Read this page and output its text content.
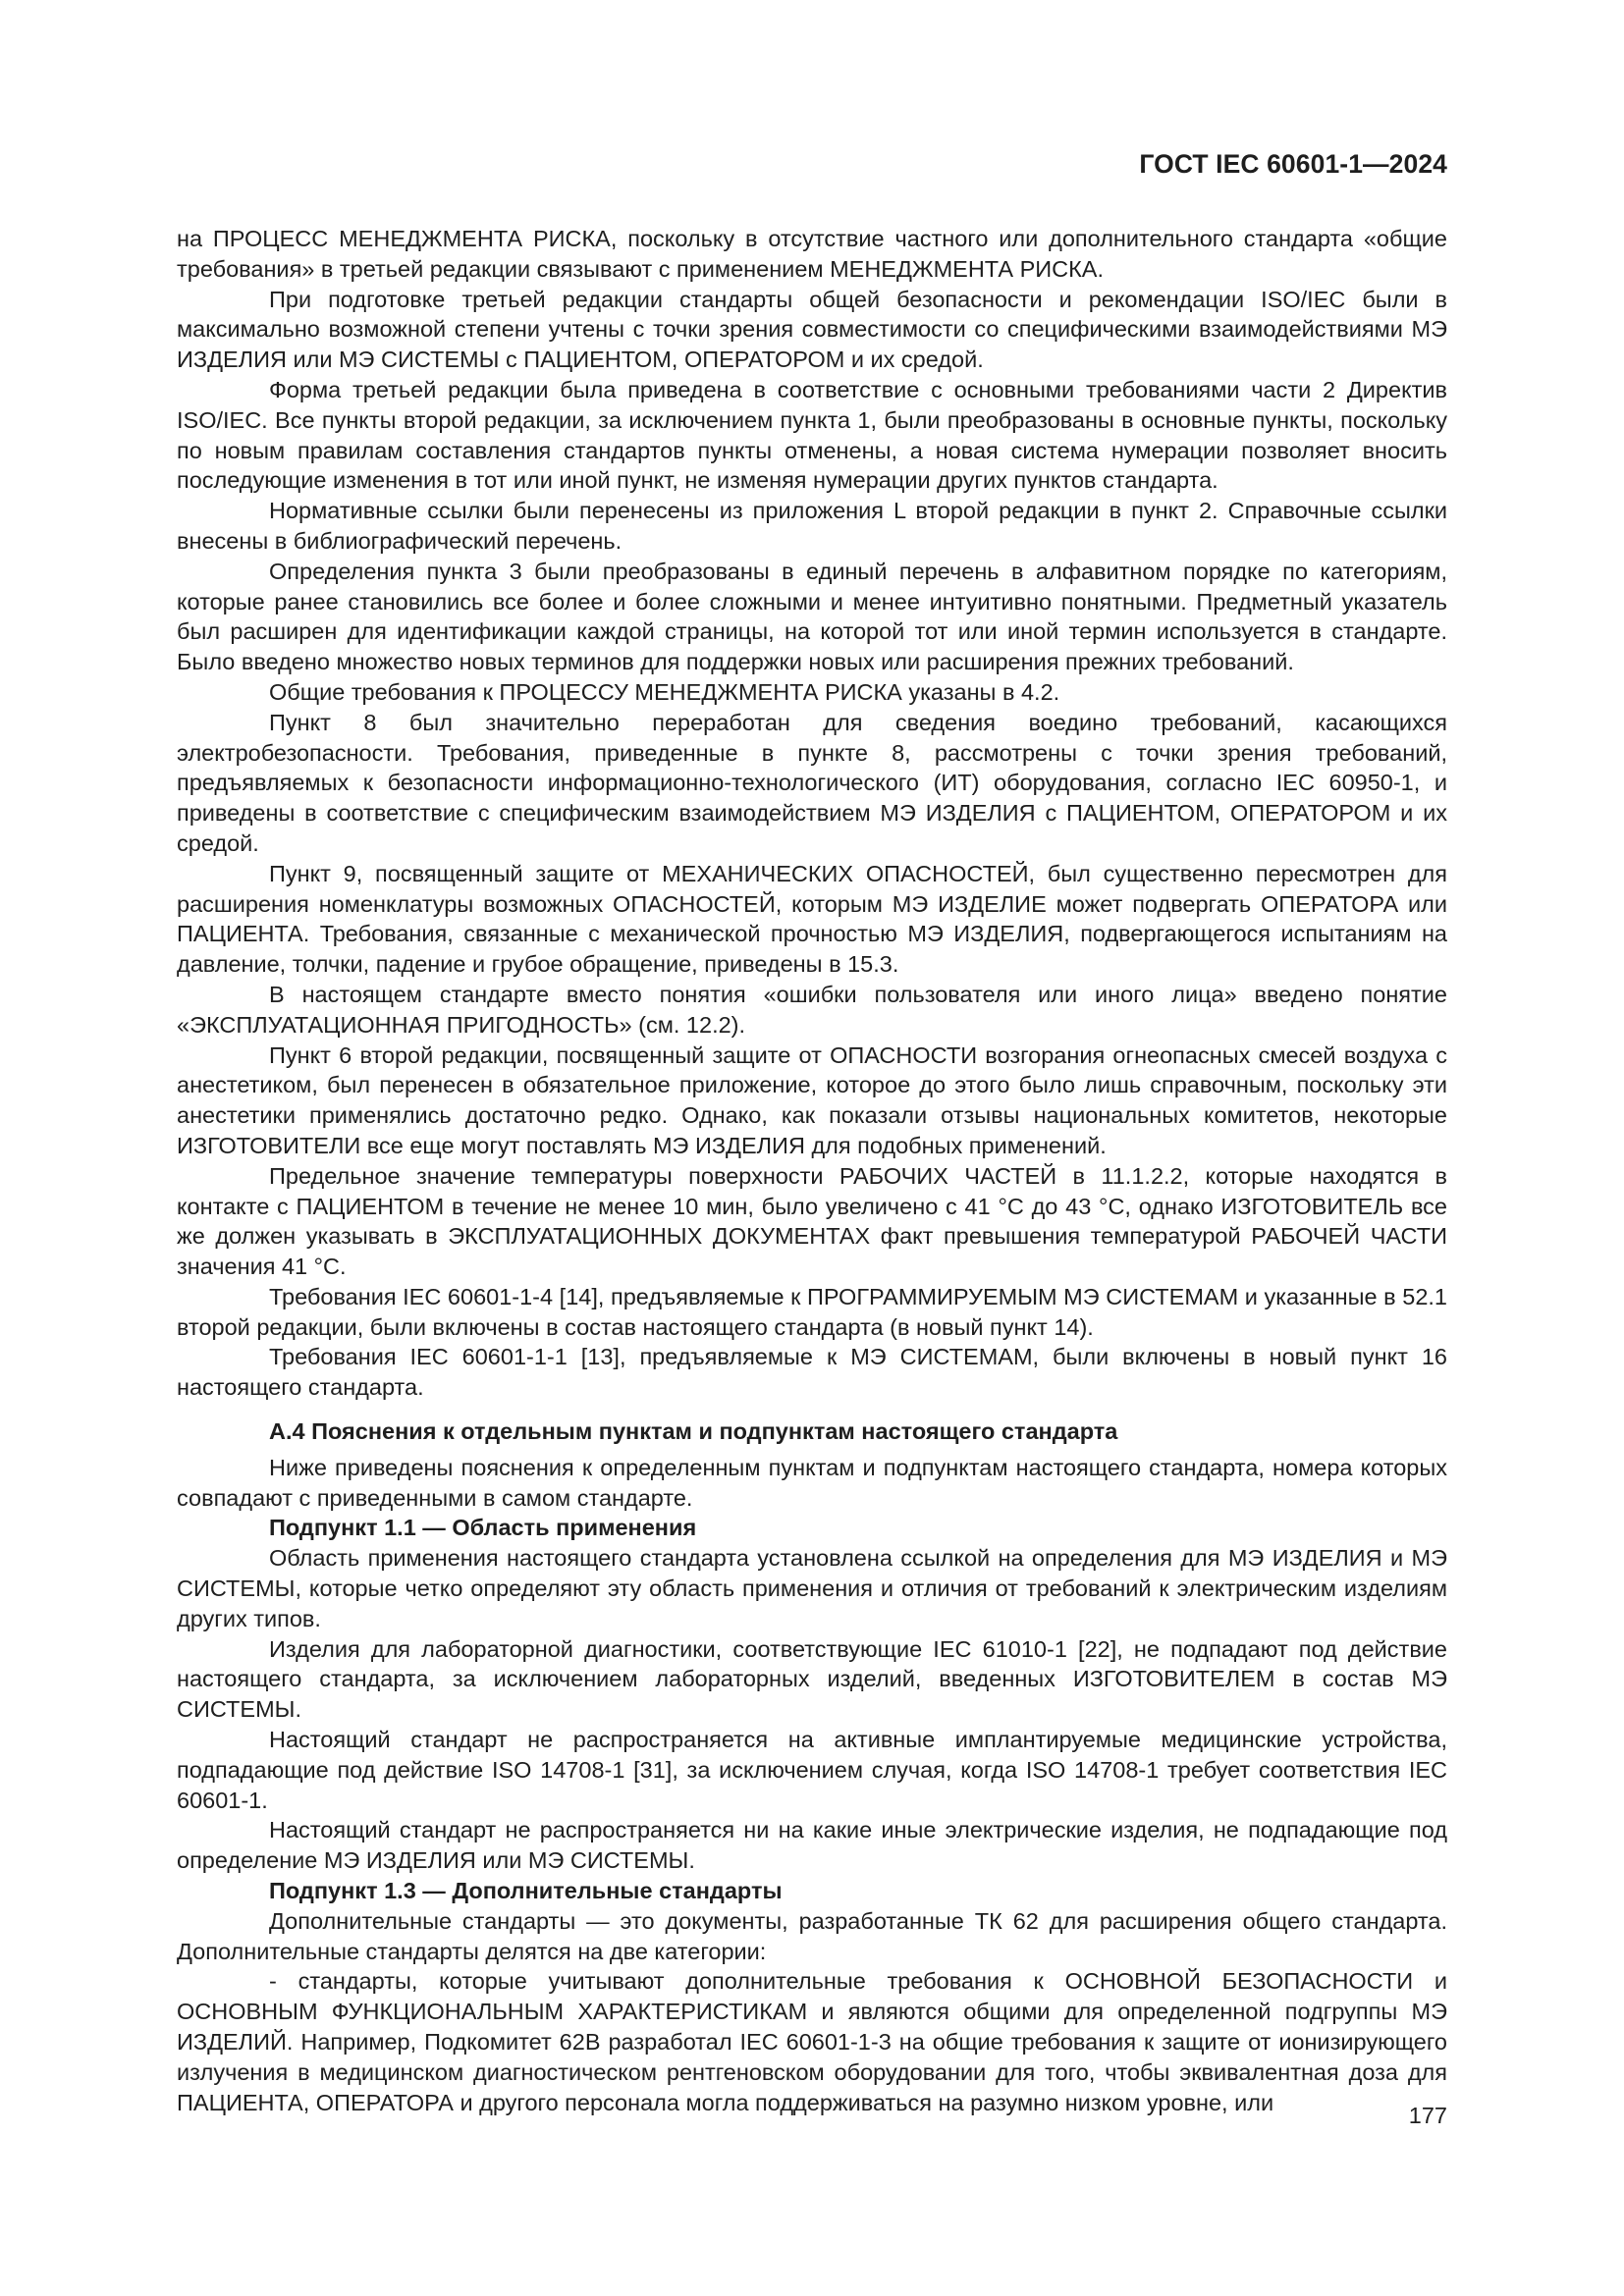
ГОСТ IEC 60601-1—2024

на ПРОЦЕСС МЕНЕДЖМЕНТА РИСКА, поскольку в отсутствие частного или дополнительного стандарта «общие требования» в третьей редакции связывают с применением МЕНЕДЖМЕНТА РИСКА.

При подготовке третьей редакции стандарты общей безопасности и рекомендации ISO/IEC были в максимально возможной степени учтены с точки зрения совместимости со специфическими взаимодействиями МЭ ИЗДЕЛИЯ или МЭ СИСТЕМЫ с ПАЦИЕНТОМ, ОПЕРАТОРОМ и их средой.

Форма третьей редакции была приведена в соответствие с основными требованиями части 2 Директив ISO/IEC. Все пункты второй редакции, за исключением пункта 1, были преобразованы в основные пункты, поскольку по новым правилам составления стандартов пункты отменены, а новая система нумерации позволяет вносить последующие изменения в тот или иной пункт, не изменяя нумерации других пунктов стандарта.

Нормативные ссылки были перенесены из приложения L второй редакции в пункт 2. Справочные ссылки внесены в библиографический перечень.

Определения пункта 3 были преобразованы в единый перечень в алфавитном порядке по категориям, которые ранее становились все более и более сложными и менее интуитивно понятными. Предметный указатель был расширен для идентификации каждой страницы, на которой тот или иной термин используется в стандарте. Было введено множество новых терминов для поддержки новых или расширения прежних требований.

Общие требования к ПРОЦЕССУ МЕНЕДЖМЕНТА РИСКА указаны в 4.2.

Пункт 8 был значительно переработан для сведения воедино требований, касающихся электробезопасности. Требования, приведенные в пункте 8, рассмотрены с точки зрения требований, предъявляемых к безопасности информационно-технологического (ИТ) оборудования, согласно IEC 60950-1, и приведены в соответствие с специфическим взаимодействием МЭ ИЗДЕЛИЯ с ПАЦИЕНТОМ, ОПЕРАТОРОМ и их средой.

Пункт 9, посвященный защите от МЕХАНИЧЕСКИХ ОПАСНОСТЕЙ, был существенно пересмотрен для расширения номенклатуры возможных ОПАСНОСТЕЙ, которым МЭ ИЗДЕЛИЕ может подвергать ОПЕРАТОРА или ПАЦИЕНТА. Требования, связанные с механической прочностью МЭ ИЗДЕЛИЯ, подвергающегося испытаниям на давление, толчки, падение и грубое обращение, приведены в 15.3.

В настоящем стандарте вместо понятия «ошибки пользователя или иного лица» введено понятие «ЭКСПЛУАТАЦИОННАЯ ПРИГОДНОСТЬ» (см. 12.2).

Пункт 6 второй редакции, посвященный защите от ОПАСНОСТИ возгорания огнеопасных смесей воздуха с анестетиком, был перенесен в обязательное приложение, которое до этого было лишь справочным, поскольку эти анестетики применялись достаточно редко. Однако, как показали отзывы национальных комитетов, некоторые ИЗГОТОВИТЕЛИ все еще могут поставлять МЭ ИЗДЕЛИЯ для подобных применений.

Предельное значение температуры поверхности РАБОЧИХ ЧАСТЕЙ в 11.1.2.2, которые находятся в контакте с ПАЦИЕНТОМ в течение не менее 10 мин, было увеличено с 41 °С до 43 °С, однако ИЗГОТОВИТЕЛЬ все же должен указывать в ЭКСПЛУАТАЦИОННЫХ ДОКУМЕНТАХ факт превышения температурой РАБОЧЕЙ ЧАСТИ значения 41 °С.

Требования IEC 60601-1-4 [14], предъявляемые к ПРОГРАММИРУЕМЫМ МЭ СИСТЕМАМ и указанные в 52.1 второй редакции, были включены в состав настоящего стандарта (в новый пункт 14).

Требования IEC 60601-1-1 [13], предъявляемые к МЭ СИСТЕМАМ, были включены в новый пункт 16 настоящего стандарта.

А.4 Пояснения к отдельным пунктам и подпунктам настоящего стандарта

Ниже приведены пояснения к определенным пунктам и подпунктам настоящего стандарта, номера которых совпадают с приведенными в самом стандарте.

Подпункт 1.1 — Область применения

Область применения настоящего стандарта установлена ссылкой на определения для МЭ ИЗДЕЛИЯ и МЭ СИСТЕМЫ, которые четко определяют эту область применения и отличия от требований к электрическим изделиям других типов.

Изделия для лабораторной диагностики, соответствующие IEC 61010-1 [22], не подпадают под действие настоящего стандарта, за исключением лабораторных изделий, введенных ИЗГОТОВИТЕЛЕМ в состав МЭ СИСТЕМЫ.

Настоящий стандарт не распространяется на активные имплантируемые медицинские устройства, подпадающие под действие ISO 14708-1 [31], за исключением случая, когда ISO 14708-1 требует соответствия IEC 60601-1.

Настоящий стандарт не распространяется ни на какие иные электрические изделия, не подпадающие под определение МЭ ИЗДЕЛИЯ или МЭ СИСТЕМЫ.

Подпункт 1.3 — Дополнительные стандарты

Дополнительные стандарты — это документы, разработанные ТК 62 для расширения общего стандарта. Дополнительные стандарты делятся на две категории:

- стандарты, которые учитывают дополнительные требования к ОСНОВНОЙ БЕЗОПАСНОСТИ и ОСНОВНЫМ ФУНКЦИОНАЛЬНЫМ ХАРАКТЕРИСТИКАМ и являются общими для определенной подгруппы МЭ ИЗДЕЛИЙ. Например, Подкомитет 62В разработал IEC 60601-1-3 на общие требования к защите от ионизирующего излучения в медицинском диагностическом рентгеновском оборудовании для того, чтобы эквивалентная доза для ПАЦИЕНТА, ОПЕРАТОРА и другого персонала могла поддерживаться на разумно низком уровне, или

177
